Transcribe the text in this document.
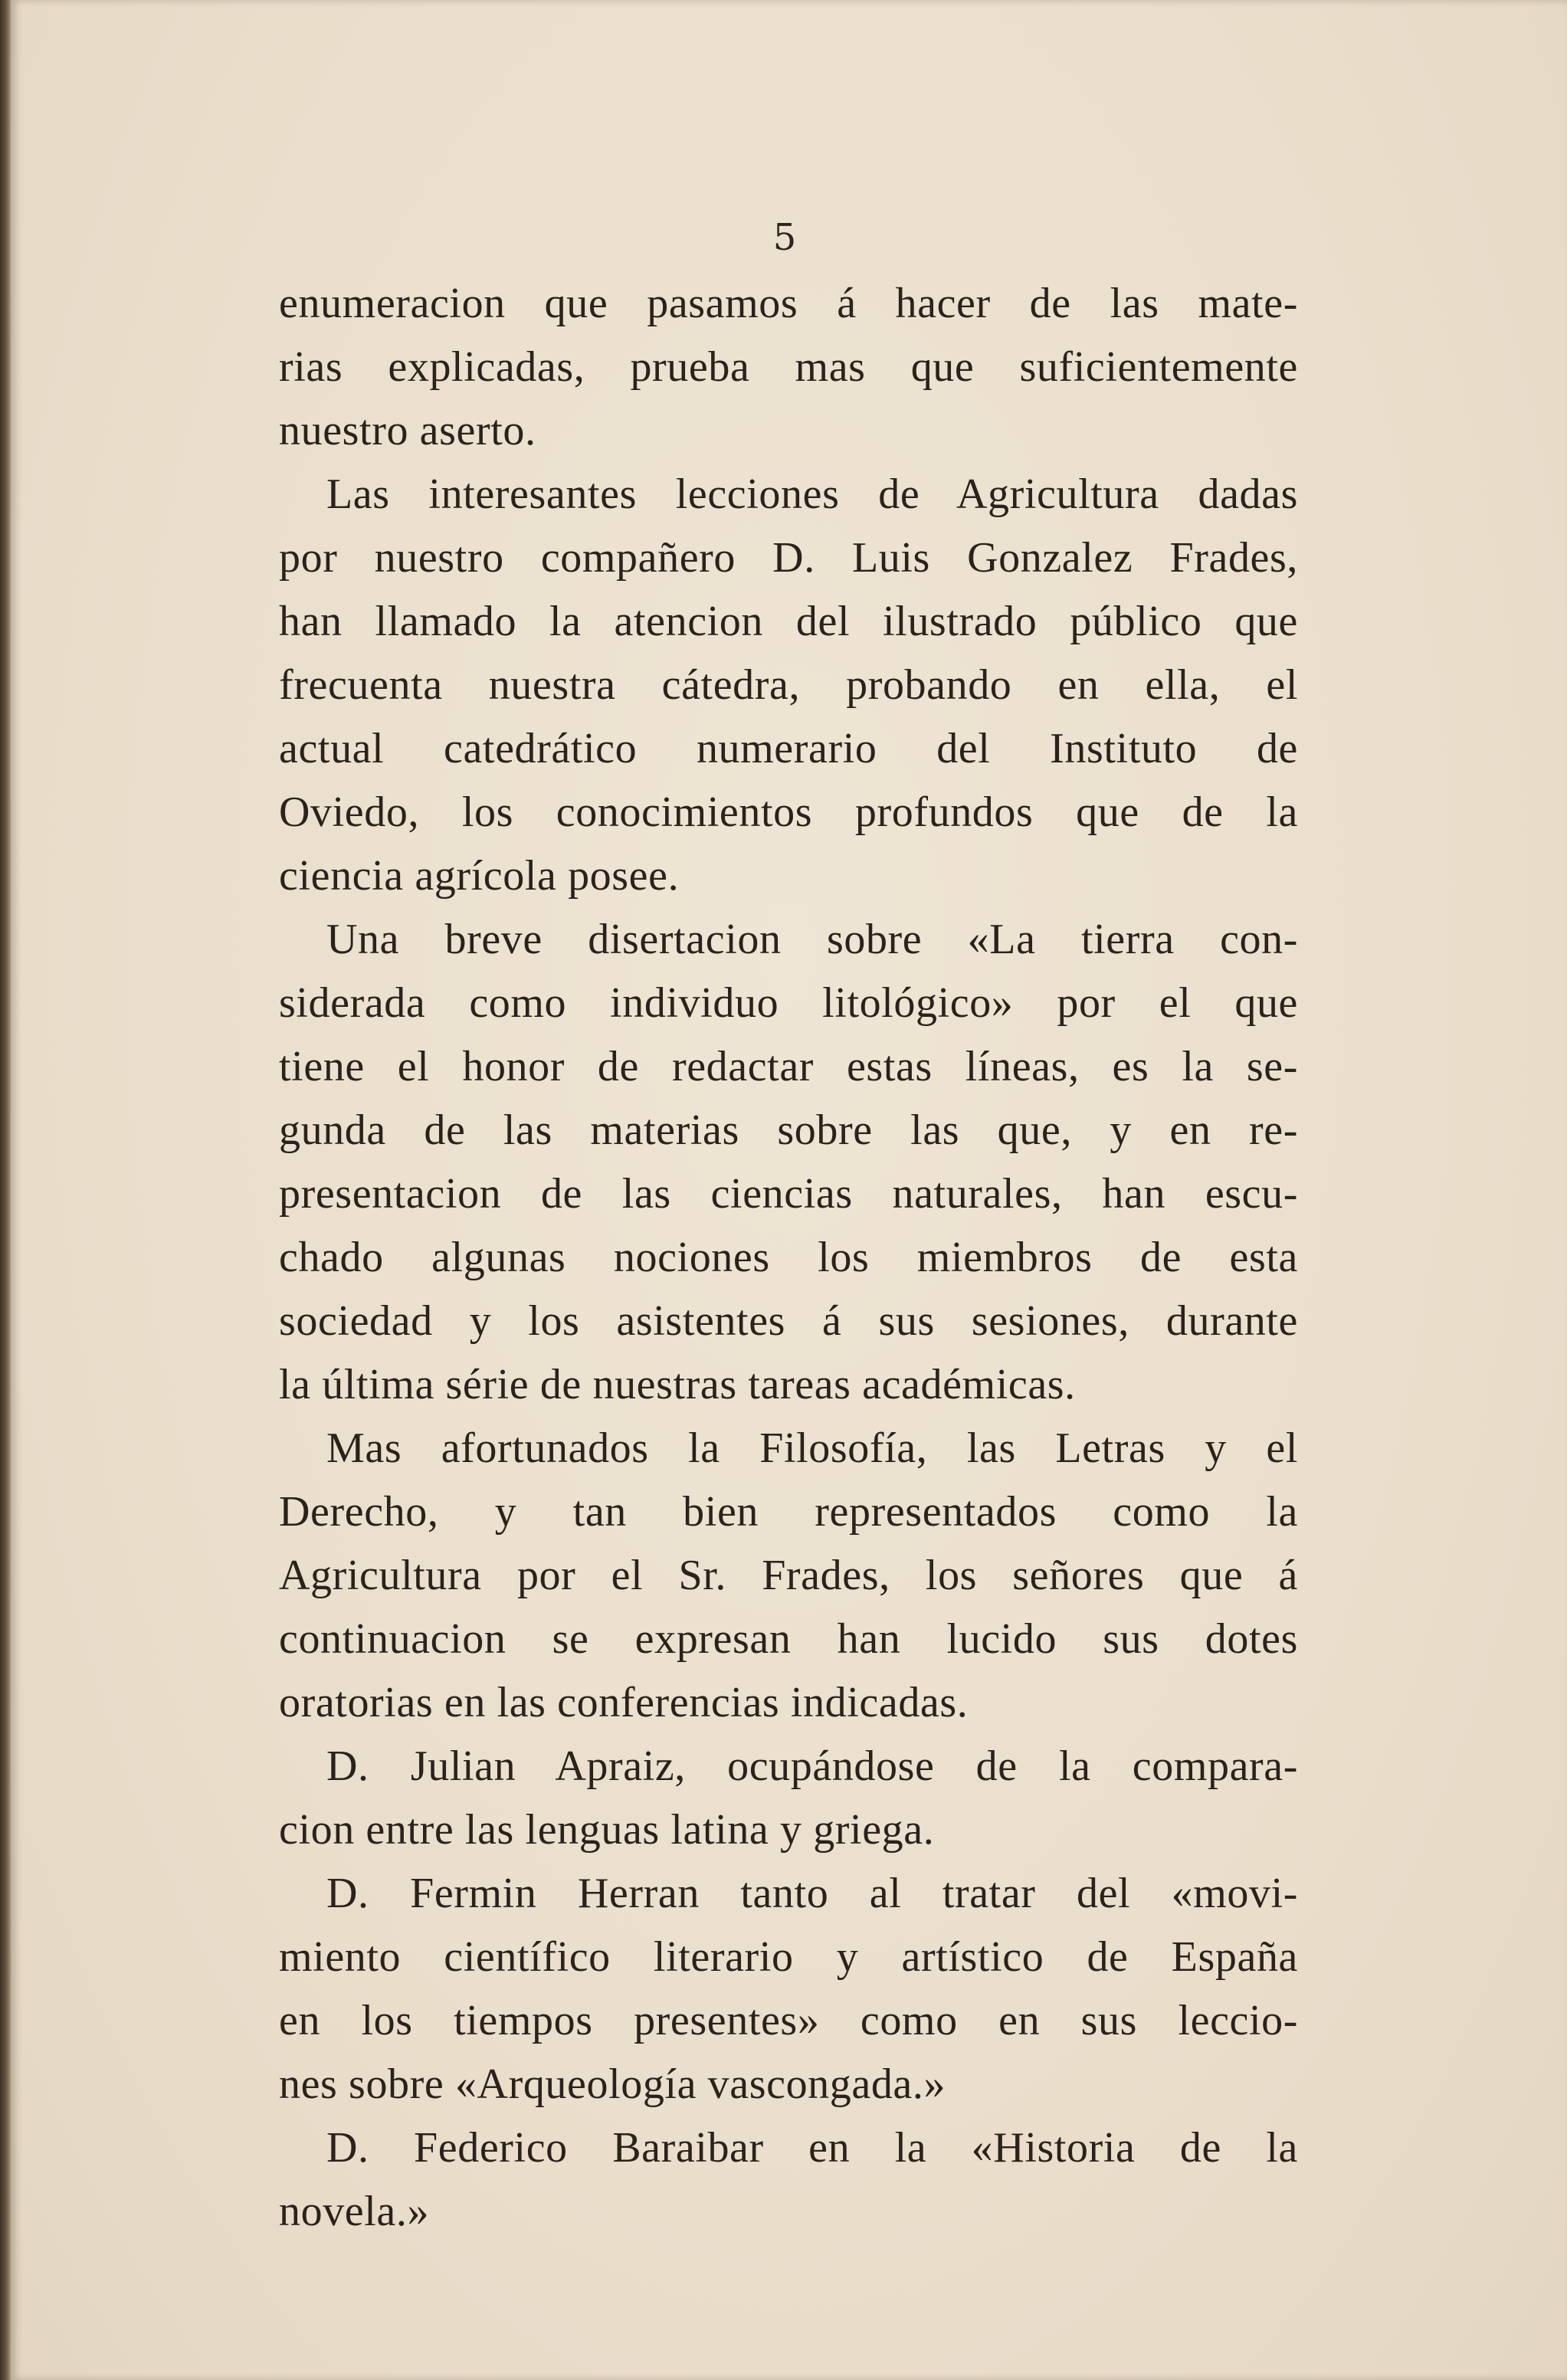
5
enumeracion que pasamos á hacer de las mate-
rias explicadas, prueba mas que suficientemente
nuestro aserto.
Las interesantes lecciones de Agricultura dadas
por nuestro compañero D. Luis Gonzalez Frades,
han llamado la atencion del ilustrado público que
frecuenta nuestra cátedra, probando en ella, el
actual catedrático numerario del Instituto de
Oviedo, los conocimientos profundos que de la
ciencia agrícola posee.
Una breve disertacion sobre «La tierra con-
siderada como individuo litológico» por el que
tiene el honor de redactar estas líneas, es la se-
gunda de las materias sobre las que, y en re-
presentacion de las ciencias naturales, han escu-
chado algunas nociones los miembros de esta
sociedad y los asistentes á sus sesiones, durante
la última série de nuestras tareas académicas.
Mas afortunados la Filosofía, las Letras y el
Derecho, y tan bien representados como la
Agricultura por el Sr. Frades, los señores que á
continuacion se expresan han lucido sus dotes
oratorias en las conferencias indicadas.
D. Julian Apraiz, ocupándose de la compara-
cion entre las lenguas latina y griega.
D. Fermin Herran tanto al tratar del «movi-
miento científico literario y artístico de España
en los tiempos presentes» como en sus leccio-
nes sobre «Arqueología vascongada.»
D. Federico Baraibar en la «Historia de la
novela.»
